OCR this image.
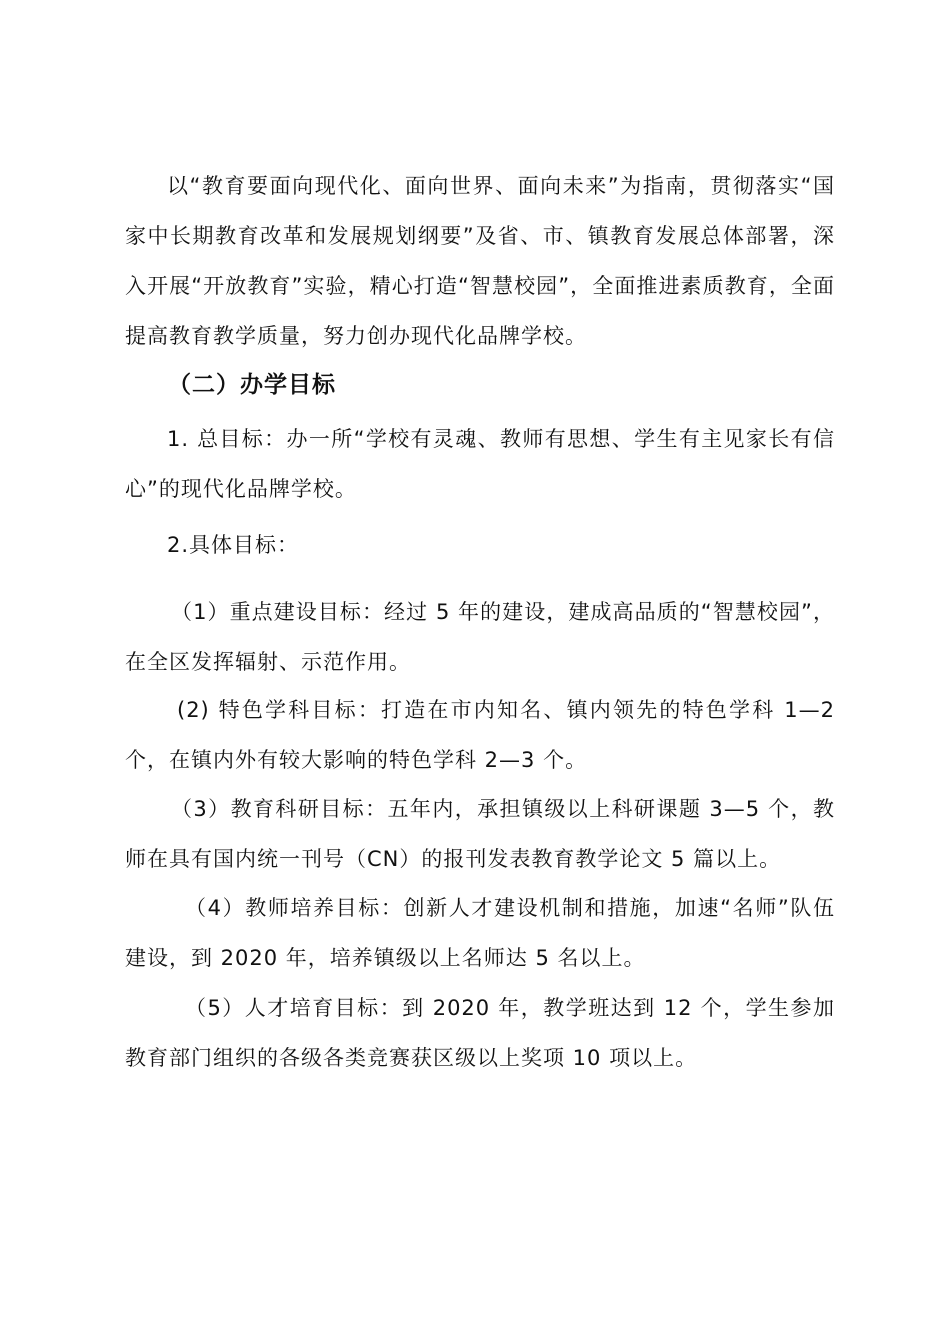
以“教育要面向现代化、面向世界、面向未来”为指南，贯彻落实“国家中长期教育改革和发展规划纲要”及省、市、镇教育发展总体部署，深入开展“开放教育”实验，精心打造“智慧校园”，全面推进素质教育，全面提高教育教学质量，努力创办现代化品牌学校。
（二）办学目标
1. 总目标：办一所“学校有灵魂、教师有思想、学生有主见家长有信心”的现代化品牌学校。
2.具体目标：
（1）重点建设目标：经过 5 年的建设，建成高品质的“智慧校园”，在全区发挥辐射、示范作用。
(2) 特色学科目标：打造在市内知名、镇内领先的特色学科 1—2 个，在镇内外有较大影响的特色学科 2—3 个。
（3）教育科研目标：五年内，承担镇级以上科研课题 3—5 个，教师在具有国内统一刊号（CN）的报刊发表教育教学论文 5 篇以上。
（4）教师培养目标：创新人才建设机制和措施，加速“名师”队伍建设，到 2020 年，培养镇级以上名师达 5 名以上。
（5）人才培育目标：到 2020 年，教学班达到 12 个，学生参加教育部门组织的各级各类竞赛获区级以上奖项 10 项以上。
